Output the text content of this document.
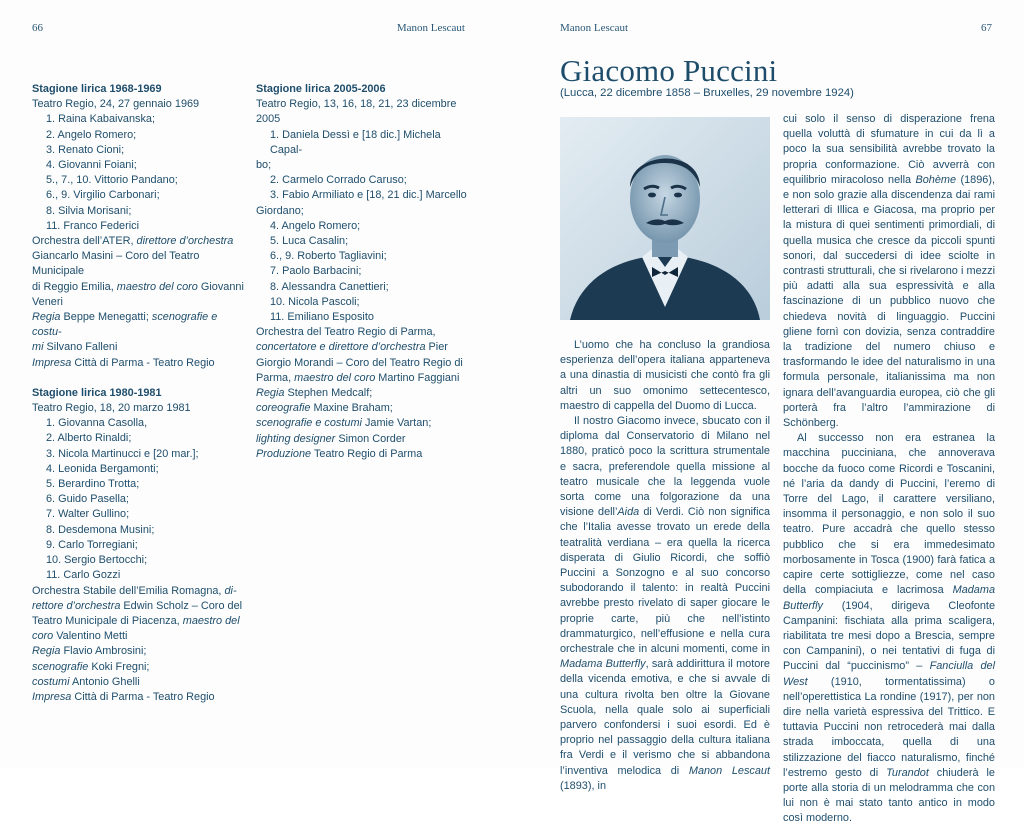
66	Manon Lescaut
Stagione lirica 1968-1969
Teatro Regio, 24, 27 gennaio 1969
1. Raina Kabaivanska;
2. Angelo Romero;
3. Renato Cioni;
4. Giovanni Foiani;
5., 7., 10. Vittorio Pandano;
6., 9. Virgilio Carbonari;
8. Silvia Morisani;
11. Franco Federici
Orchestra dell’ATER, direttore d’orchestra
Giancarlo Masini – Coro del Teatro Municipale
di Reggio Emilia, maestro del coro Giovanni
Veneri
Regia Beppe Menegatti; scenografie e costu-
mi Silvano Falleni
Impresa Città di Parma - Teatro Regio
Stagione lirica 1980-1981
Teatro Regio, 18, 20 marzo 1981
1. Giovanna Casolla,
2. Alberto Rinaldi;
3. Nicola Martinucci e [20 mar.];
4. Leonida Bergamonti;
5. Berardino Trotta;
6. Guido Pasella;
7. Walter Gullino;
8. Desdemona Musini;
9. Carlo Torregiani;
10. Sergio Bertocchi;
11. Carlo Gozzi
Orchestra Stabile dell’Emilia Romagna, di-
rettore d’orchestra Edwin Scholz – Coro del
Teatro Municipale di Piacenza, maestro del
coro Valentino Metti
Regia Flavio Ambrosini;
scenografie Koki Fregni;
costumi Antonio Ghelli
Impresa Città di Parma - Teatro Regio
Stagione lirica 2005-2006
Teatro Regio, 13, 16, 18, 21, 23 dicembre 2005
1. Daniela Dessì e [18 dic.] Michela Capal-
bo;
2. Carmelo Corrado Caruso;
3. Fabio Armiliato e [18, 21 dic.] Marcello
Giordano;
4. Angelo Romero;
5. Luca Casalin;
6., 9. Roberto Tagliavini;
7. Paolo Barbacini;
8. Alessandra Canettieri;
10. Nicola Pascoli;
11. Emiliano Esposito
Orchestra del Teatro Regio di Parma,
concertatore e direttore d’orchestra Pier
Giorgio Morandi – Coro del Teatro Regio di
Parma, maestro del coro Martino Faggiani
Regia Stephen Medcalf;
coreografie Maxine Braham;
scenografie e costumi Jamie Vartan;
lighting designer Simon Corder
Produzione Teatro Regio di Parma
Manon Lescaut	67
Giacomo Puccini
(Lucca, 22 dicembre 1858 – Bruxelles, 29 novembre 1924)

L’uomo che ha concluso la grandiosa esperienza dell’opera italiana apparteneva a una dinastia di musicisti che contò fra gli altri un suo omonimo settecentesco, maestro di cappella del Duomo di Lucca.

Il nostro Giacomo invece, sbucato con il diploma dal Conservatorio di Milano nel 1880, praticò poco la scrittura strumentale e sacra, preferendole quella missione al teatro musicale che la leggenda vuole sorta come una folgorazione da una visione dell’Aida di Verdi. Ciò non significa che l’Italia avesse trovato un erede della teatralità verdiana – era quella la ricerca disperata di Giulio Ricordi, che soffiò Puccini a Sonzogno e al suo concorso subodorando il talento: in realtà Puccini avrebbe presto rivelato di saper giocare le proprie carte, più che nell’istinto drammaturgico, nell’effusione e nella cura orchestrale che in alcuni momenti, come in Madama Butterfly, sarà addirittura il motore della vicenda emotiva, e che si avvale di una cultura rivolta ben oltre la Giovane Scuola, nella quale solo ai superficiali parvero confondersi i suoi esordi. Ed è proprio nel passaggio della cultura italiana fra Verdi e il verismo che si abbandona l’inventiva melodica di Manon Lescaut (1893), in

cui solo il senso di disperazione frena quella voluttà di sfumature in cui da lì a poco la sua sensibilità avrebbe trovato la propria conformazione. Ciò avverrà con equilibrio miracoloso nella Bohème (1896), e non solo grazie alla discendenza dai rami letterari di Illica e Giacosa, ma proprio per la mistura di quei sentimenti primordiali, di quella musica che cresce da piccoli spunti sonori, dal succedersi di idee sciolte in contrasti strutturali, che si rivelarono i mezzi più adatti alla sua espressività e alla fascinazione di un pubblico nuovo che chiedeva novità di linguaggio. Puccini gliene fornì con dovizia, senza contraddire la tradizione del numero chiuso e trasformando le idee del naturalismo in una formula personale, italianissima ma non ignara dell’avanguardia europea, ciò che gli porterà fra l’altro l’ammirazione di Schönberg.

Al successo non era estranea la macchina pucciniana, che annoverava bocche da fuoco come Ricordi e Toscanini, né l’aria da dandy di Puccini, l’eremo di Torre del Lago, il carattere versiliano, insomma il personaggio, e non solo il suo teatro. Pure accadrà che quello stesso pubblico che si era immedesimato morbosamente in Tosca (1900) farà fatica a capire certe sottigliezze, come nel caso della compiaciuta e lacrimosa Madama Butterfly (1904, dirigeva Cleofonte Campanini: fischiata alla prima scaligera, riabilitata tre mesi dopo a Brescia, sempre con Campanini), o nei tentativi di fuga di Puccini dal “puccinismo” – Fanciulla del West (1910, tormentatissima) o nell’operettistica La rondine (1917), per non dire nella varietà espressiva del Trittico. E tuttavia Puccini non retrocederà mai dalla strada imboccata, quella di una stilizzazione del fiacco naturalismo, finché l’estremo gesto di Turandot chiuderà le porte alla storia di un melodramma che con lui non è mai stato tanto antico in modo così moderno.
